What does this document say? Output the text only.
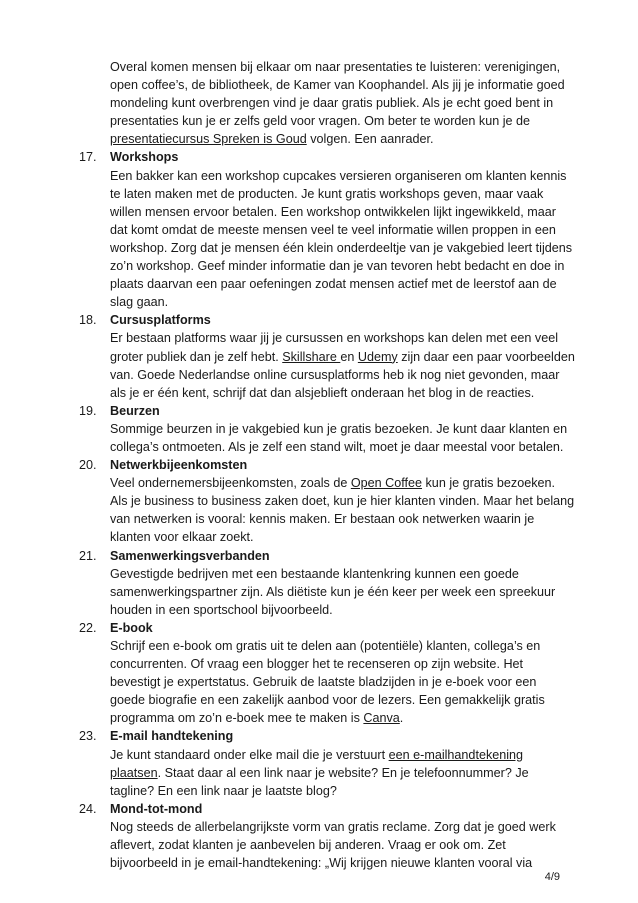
Overal komen mensen bij elkaar om naar presentaties te luisteren: verenigingen,
open coffee’s, de bibliotheek, de Kamer van Koophandel. Als jij je informatie goed
mondeling kunt overbrengen vind je daar gratis publiek. Als je echt goed bent in
presentaties kun je er zelfs geld voor vragen. Om beter te worden kun je de
presentatiecursus Spreken is Goud volgen. Een aanrader.
17.	Workshops
Een bakker kan een workshop cupcakes versieren organiseren om klanten kennis
te laten maken met de producten. Je kunt gratis workshops geven, maar vaak
willen mensen ervoor betalen. Een workshop ontwikkelen lijkt ingewikkeld, maar
dat komt omdat de meeste mensen veel te veel informatie willen proppen in een
workshop. Zorg dat je mensen één klein onderdeeltje van je vakgebied leert tijdens
zo’n workshop. Geef minder informatie dan je van tevoren hebt bedacht en doe in
plaats daarvan een paar oefeningen zodat mensen actief met de leerstof aan de
slag gaan.
18.	Cursusplatforms
Er bestaan platforms waar jij je cursussen en workshops kan delen met een veel
groter publiek dan je zelf hebt. Skillshare en Udemy zijn daar een paar voorbeelden
van. Goede Nederlandse online cursusplatforms heb ik nog niet gevonden, maar
als je er één kent, schrijf dat dan alsjeblieft onderaan het blog in de reacties.
19.	Beurzen
Sommige beurzen in je vakgebied kun je gratis bezoeken. Je kunt daar klanten en
collega’s ontmoeten. Als je zelf een stand wilt, moet je daar meestal voor betalen.
20.	Netwerkbijeenkomsten
Veel ondernemersbijeenkomsten, zoals de Open Coffee kun je gratis bezoeken.
Als je business to business zaken doet, kun je hier klanten vinden. Maar het belang
van netwerken is vooral: kennis maken. Er bestaan ook netwerken waarin je
klanten voor elkaar zoekt.
21.	Samenwerkingsverbanden
Gevestigde bedrijven met een bestaande klantenkring kunnen een goede
samenwerkingspartner zijn. Als diëtiste kun je één keer per week een spreekuur
houden in een sportschool bijvoorbeeld.
22.	E-book
Schrijf een e-book om gratis uit te delen aan (potentiële) klanten, collega’s en
concurrenten. Of vraag een blogger het te recenseren op zijn website. Het
bevestigt je expertstatus. Gebruik de laatste bladzijden in je e-boek voor een
goede biografie en een zakelijk aanbod voor de lezers. Een gemakkelijk gratis
programma om zo’n e-boek mee te maken is Canva.
23.	E-mail handtekening
Je kunt standaard onder elke mail die je verstuurt een e-mailhandtekening
plaatsen. Staat daar al een link naar je website? En je telefoonnummer? Je
tagline? En een link naar je laatste blog?
24.	Mond-tot-mond
Nog steeds de allerbelangrijkste vorm van gratis reclame. Zorg dat je goed werk
aflevert, zodat klanten je aanbevelen bij anderen. Vraag er ook om. Zet
bijvoorbeeld in je email-handtekening: „Wij krijgen nieuwe klanten vooral via
4/9
